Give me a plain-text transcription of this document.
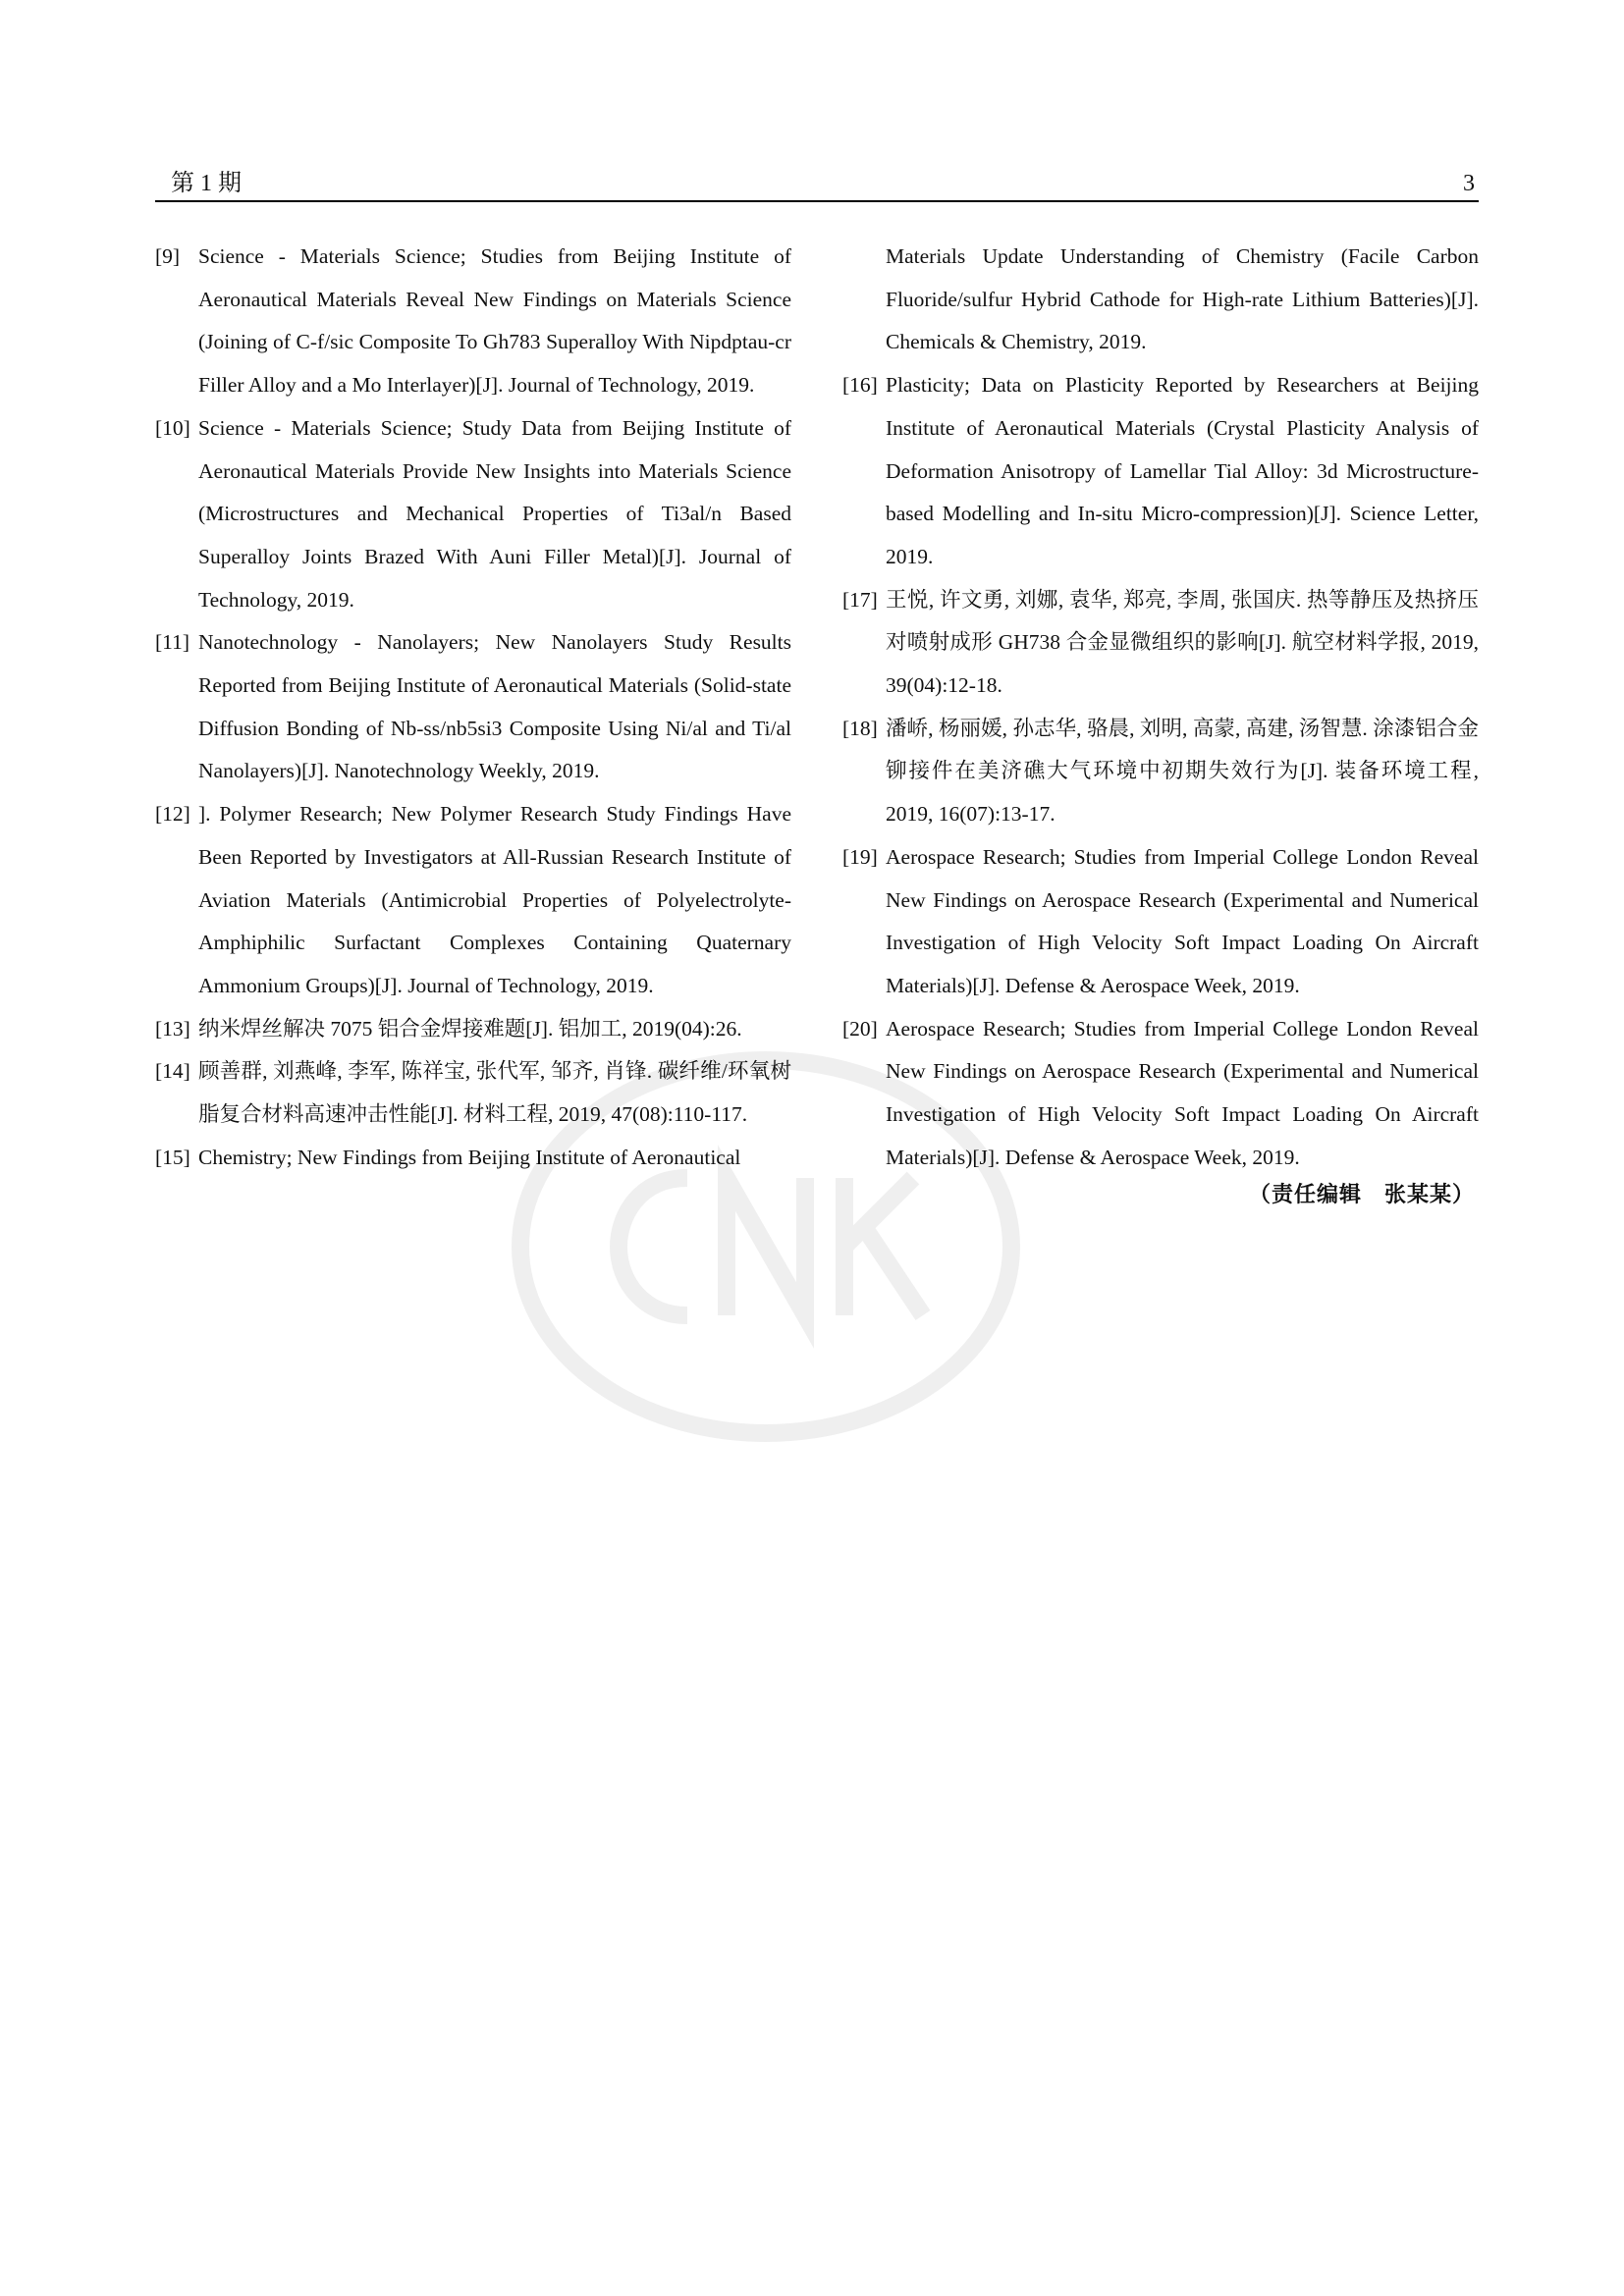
第 1 期	3
[9] Science - Materials Science; Studies from Beijing Institute of Aeronautical Materials Reveal New Findings on Materials Science (Joining of C-f/sic Composite To Gh783 Superalloy With Nipdptau-cr Filler Alloy and a Mo Interlayer)[J]. Journal of Technology, 2019.
[10] Science - Materials Science; Study Data from Beijing Institute of Aeronautical Materials Provide New Insights into Materials Science (Microstructures and Mechanical Properties of Ti3al/n Based Superalloy Joints Brazed With Auni Filler Metal)[J]. Journal of Technology, 2019.
[11] Nanotechnology - Nanolayers; New Nanolayers Study Results Reported from Beijing Institute of Aeronautical Materials (Solid-state Diffusion Bonding of Nb-ss/nb5si3 Composite Using Ni/al and Ti/al Nanolayers)[J]. Nanotechnology Weekly, 2019.
[12] ]. Polymer Research; New Polymer Research Study Findings Have Been Reported by Investigators at All-Russian Research Institute of Aviation Materials (Antimicrobial Properties of Polyelectrolyte-Amphiphilic Surfactant Complexes Containing Quaternary Ammonium Groups)[J]. Journal of Technology, 2019.
[13] 纳米焊丝解决 7075 铝合金焊接难题[J]. 铝加工, 2019(04):26.
[14] 顾善群, 刘燕峰, 李军, 陈祥宝, 张代军, 邹齐, 肖锋. 碳纤维/环氧树脂复合材料高速冲击性能[J]. 材料工程, 2019, 47(08):110-117.
[15] Chemistry; New Findings from Beijing Institute of Aeronautical
Materials Update Understanding of Chemistry (Facile Carbon Fluoride/sulfur Hybrid Cathode for High-rate Lithium Batteries)[J]. Chemicals & Chemistry, 2019.
[16] Plasticity; Data on Plasticity Reported by Researchers at Beijing Institute of Aeronautical Materials (Crystal Plasticity Analysis of Deformation Anisotropy of Lamellar Tial Alloy: 3d Microstructure-based Modelling and In-situ Micro-compression)[J]. Science Letter, 2019.
[17] 王悦, 许文勇, 刘娜, 袁华, 郑亮, 李周, 张国庆. 热等静压及热挤压对喷射成形 GH738 合金显微组织的影响[J]. 航空材料学报, 2019, 39(04):12-18.
[18] 潘峤, 杨丽媛, 孙志华, 骆晨, 刘明, 高蒙, 高建, 汤智慧. 涂漆铝合金铆接件在美济礁大气环境中初期失效行为[J]. 装备环境工程, 2019, 16(07):13-17.
[19] Aerospace Research; Studies from Imperial College London Reveal New Findings on Aerospace Research (Experimental and Numerical Investigation of High Velocity Soft Impact Loading On Aircraft Materials)[J]. Defense & Aerospace Week, 2019.
[20] Aerospace Research; Studies from Imperial College London Reveal New Findings on Aerospace Research (Experimental and Numerical Investigation of High Velocity Soft Impact Loading On Aircraft Materials)[J]. Defense & Aerospace Week, 2019.
（责任编辑　张某某）
